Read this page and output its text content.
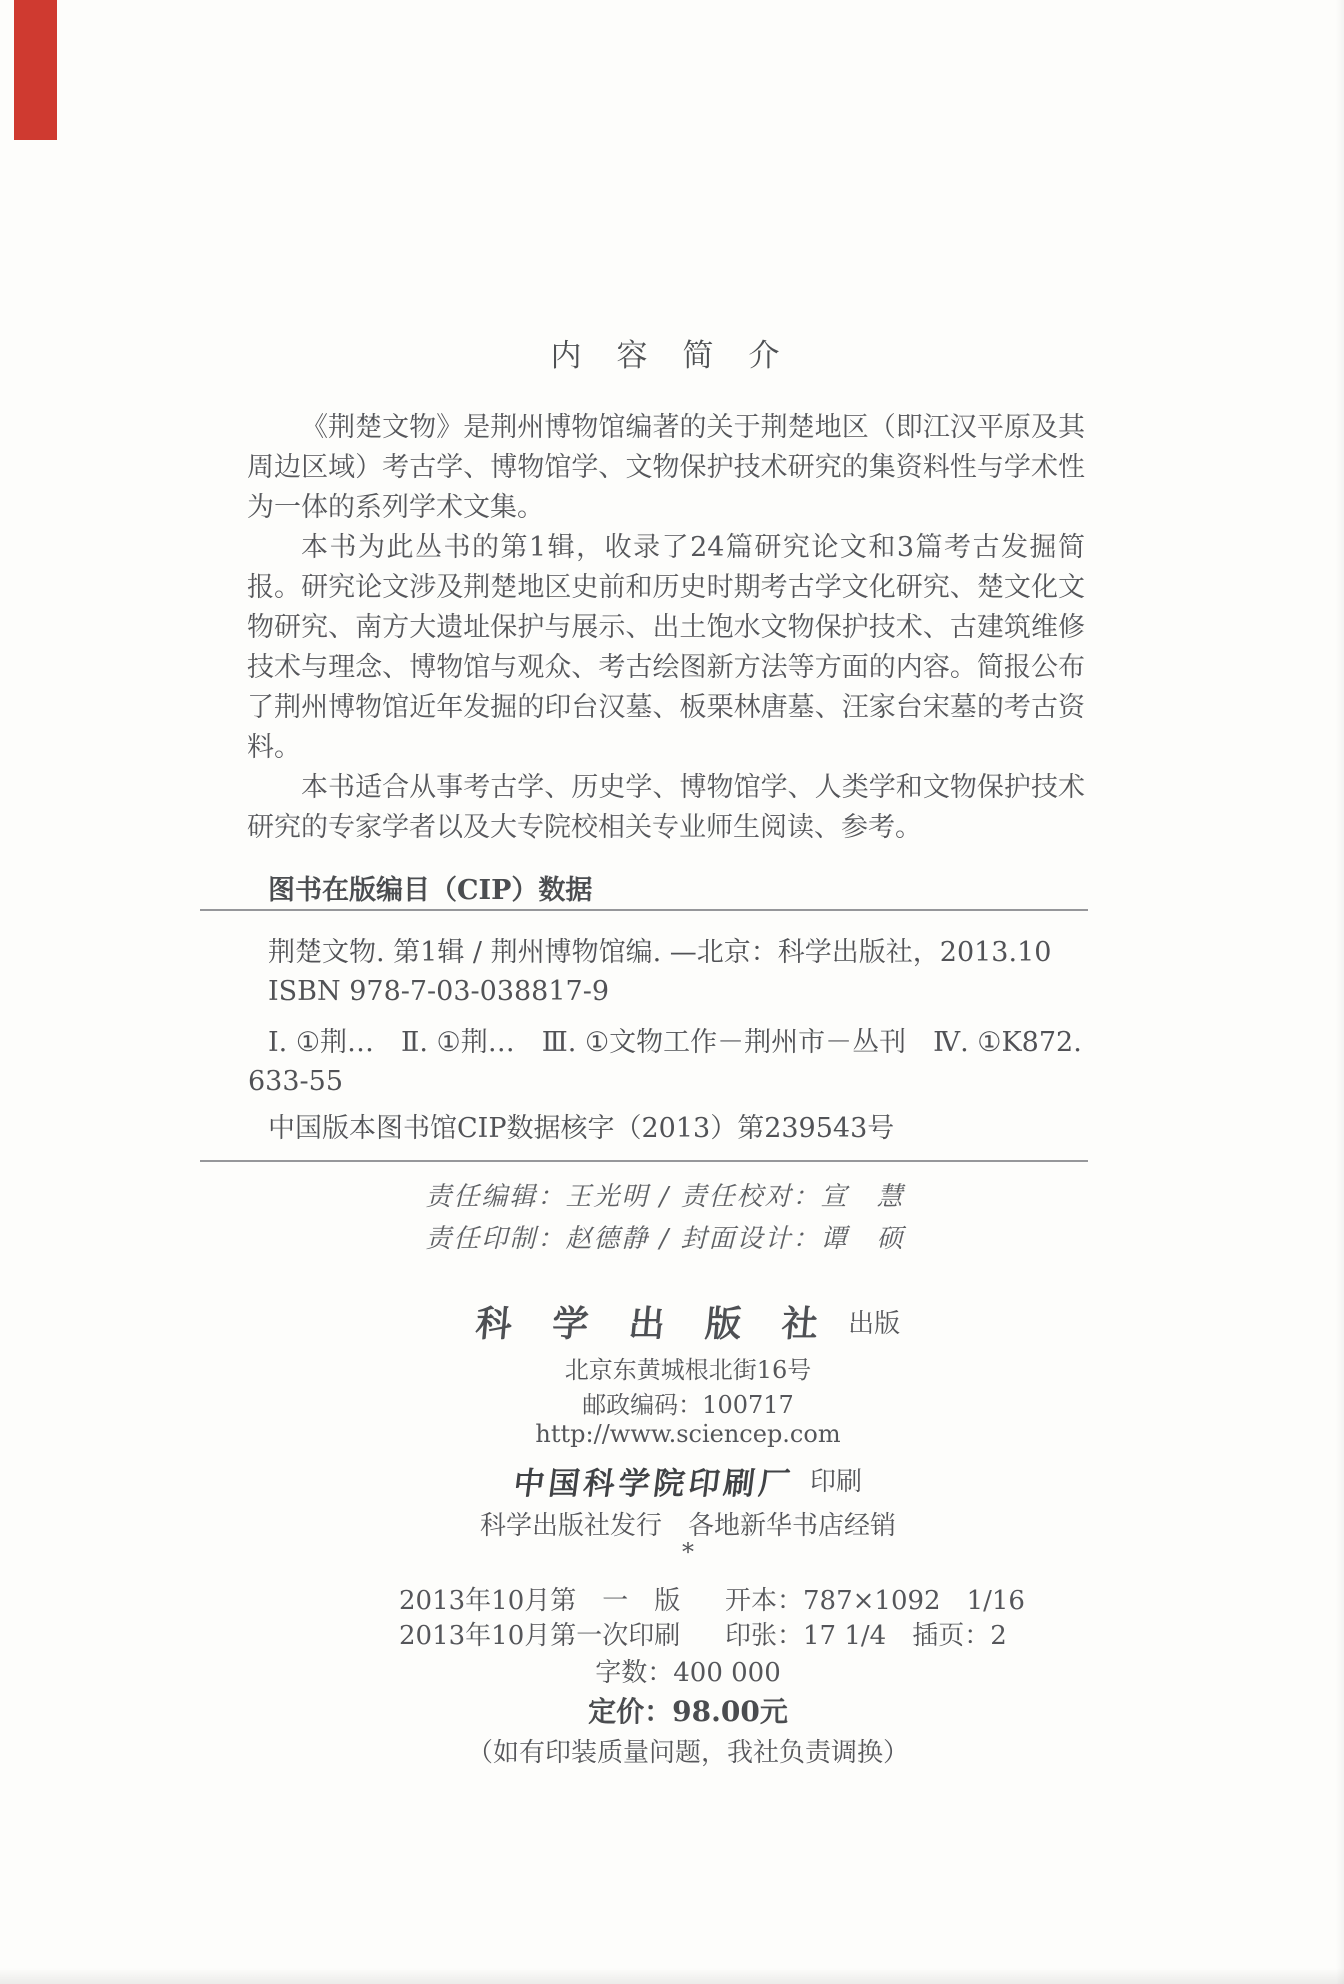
内　容　简　介

《荆楚文物》是荆州博物馆编著的关于荆楚地区（即江汉平原及其周边区域）考古学、博物馆学、文物保护技术研究的集资料性与学术性为一体的系列学术文集。

本书为此丛书的第1辑，收录了24篇研究论文和3篇考古发掘简报。研究论文涉及荆楚地区史前和历史时期考古学文化研究、楚文化文物研究、南方大遗址保护与展示、出土饱水文物保护技术、古建筑维修技术与理念、博物馆与观众、考古绘图新方法等方面的内容。简报公布了荆州博物馆近年发掘的印台汉墓、板栗林唐墓、汪家台宋墓的考古资料。

本书适合从事考古学、历史学、博物馆学、人类学和文物保护技术研究的专家学者以及大专院校相关专业师生阅读、参考。

图书在版编目（CIP）数据
荆楚文物. 第1辑 / 荆州博物馆编. —北京：科学出版社，2013.10
ISBN 978-7-03-038817-9
Ⅰ. ①荆…　Ⅱ. ①荆…　Ⅲ. ①文物工作－荆州市－丛刊　Ⅳ. ①K872.
633-55
中国版本图书馆CIP数据核字（2013）第239543号
责任编辑：王光明 / 责任校对：宣　慧
责任印制：赵德静 / 封面设计：谭　硕
科 学 出 版 社 出版
北京东黄城根北街16号
邮政编码：100717
http://www.sciencep.com
中国科学院印刷厂 印刷
科学出版社发行　各地新华书店经销
*
2013年10月第　一　版 开本：787×1092　1/16
2013年10月第一次印刷 印张：17 1/4　插页：2
字数：400 000
定价：98.00元
（如有印装质量问题，我社负责调换）
